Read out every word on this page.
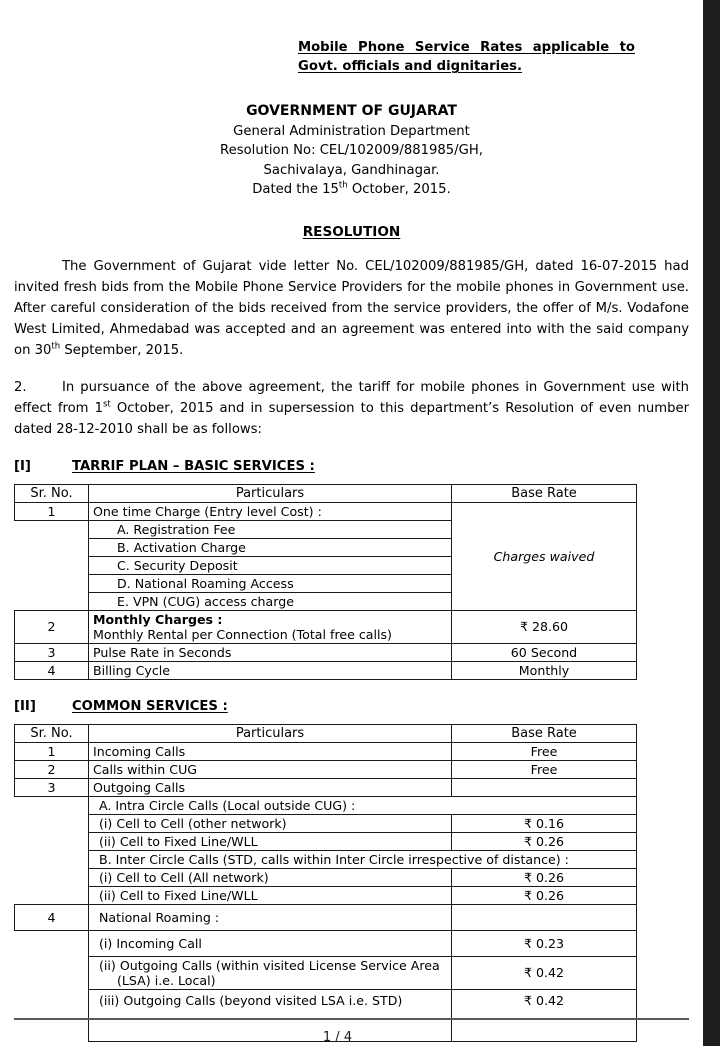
Mobile Phone Service Rates applicable to
Govt. officials and dignitaries.
GOVERNMENT OF GUJARAT
General Administration Department
Resolution No: CEL/102009/881985/GH,
Sachivalaya, Gandhinagar.
Dated the 15th October, 2015.
RESOLUTION
The Government of Gujarat vide letter No. CEL/102009/881985/GH, dated 16-07-2015 had invited fresh bids from the Mobile Phone Service Providers for the mobile phones in Government use. After careful consideration of the bids received from the service providers, the offer of M/s. Vodafone West Limited, Ahmedabad was accepted and an agreement was entered into with the said company on 30th September, 2015.
2.	In pursuance of the above agreement, the tariff for mobile phones in Government use with effect from 1st October, 2015 and in supersession to this department’s Resolution of even number dated 28-12-2010 shall be as follows:
[I]	TARRIF PLAN – BASIC SERVICES :
Sr. No.	Particulars	Base Rate
1	One time Charge (Entry level Cost) :	Charges waived
	A. Registration Fee	
	B. Activation Charge	
	C. Security Deposit	
	D. National Roaming Access	
	E. VPN (CUG) access charge	
2	Monthly Charges :
Monthly Rental per Connection (Total free calls)	₹ 28.60
3	Pulse Rate in Seconds	60 Second
4	Billing Cycle	Monthly
[II]	COMMON SERVICES :
Sr. No.	Particulars	Base Rate
1	Incoming Calls	Free
2	Calls within CUG	Free
3	Outgoing Calls	
	A. Intra Circle Calls (Local outside CUG) :	
	(i) Cell to Cell (other network)	₹ 0.16
	(ii) Cell to Fixed Line/WLL	₹ 0.26
	B. Inter Circle Calls (STD, calls within Inter Circle irrespective of distance) :	
	(i) Cell to Cell (All network)	₹ 0.26
	(ii) Cell to Fixed Line/WLL	₹ 0.26
4	National Roaming :	
	(i) Incoming Call	₹ 0.23
	(ii) Outgoing Calls (within visited License Service Area (LSA) i.e. Local)	₹ 0.42
	(iii) Outgoing Calls (beyond visited LSA i.e. STD)	₹ 0.42
1 / 4
